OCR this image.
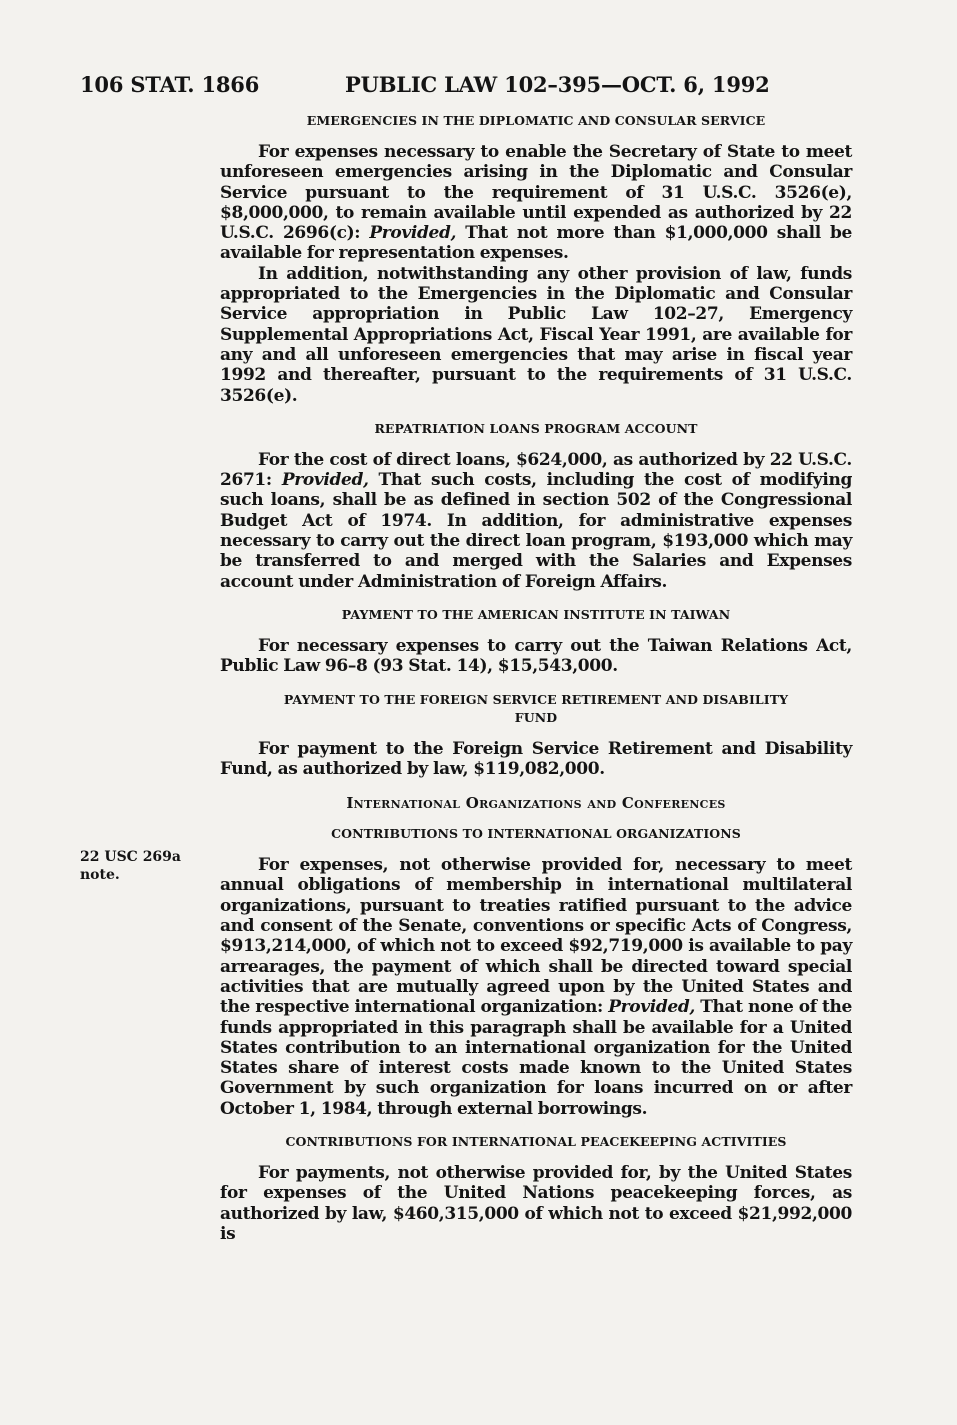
106 STAT. 1866	PUBLIC LAW 102–395—OCT. 6, 1992
22 USC 269a
note.
EMERGENCIES IN THE DIPLOMATIC AND CONSULAR SERVICE

For expenses necessary to enable the Secretary of State to meet unforeseen emergencies arising in the Diplomatic and Consular Service pursuant to the requirement of 31 U.S.C. 3526(e), $8,000,000, to remain available until expended as authorized by 22 U.S.C. 2696(c): Provided, That not more than $1,000,000 shall be available for representation expenses.

In addition, notwithstanding any other provision of law, funds appropriated to the Emergencies in the Diplomatic and Consular Service appropriation in Public Law 102–27, Emergency Supplemental Appropriations Act, Fiscal Year 1991, are available for any and all unforeseen emergencies that may arise in fiscal year 1992 and thereafter, pursuant to the requirements of 31 U.S.C. 3526(e).

REPATRIATION LOANS PROGRAM ACCOUNT

For the cost of direct loans, $624,000, as authorized by 22 U.S.C. 2671: Provided, That such costs, including the cost of modifying such loans, shall be as defined in section 502 of the Congressional Budget Act of 1974. In addition, for administrative expenses necessary to carry out the direct loan program, $193,000 which may be transferred to and merged with the Salaries and Expenses account under Administration of Foreign Affairs.

PAYMENT TO THE AMERICAN INSTITUTE IN TAIWAN

For necessary expenses to carry out the Taiwan Relations Act, Public Law 96–8 (93 Stat. 14), $15,543,000.

PAYMENT TO THE FOREIGN SERVICE RETIREMENT AND DISABILITY
FUND

For payment to the Foreign Service Retirement and Disability Fund, as authorized by law, $119,082,000.

International Organizations and Conferences
CONTRIBUTIONS TO INTERNATIONAL ORGANIZATIONS

For expenses, not otherwise provided for, necessary to meet annual obligations of membership in international multilateral organizations, pursuant to treaties ratified pursuant to the advice and consent of the Senate, conventions or specific Acts of Congress, $913,214,000, of which not to exceed $92,719,000 is available to pay arrearages, the payment of which shall be directed toward special activities that are mutually agreed upon by the United States and the respective international organization: Provided, That none of the funds appropriated in this paragraph shall be available for a United States contribution to an international organization for the United States share of interest costs made known to the United States Government by such organization for loans incurred on or after October 1, 1984, through external borrowings.

CONTRIBUTIONS FOR INTERNATIONAL PEACEKEEPING ACTIVITIES

For payments, not otherwise provided for, by the United States for expenses of the United Nations peacekeeping forces, as authorized by law, $460,315,000 of which not to exceed $21,992,000 is
